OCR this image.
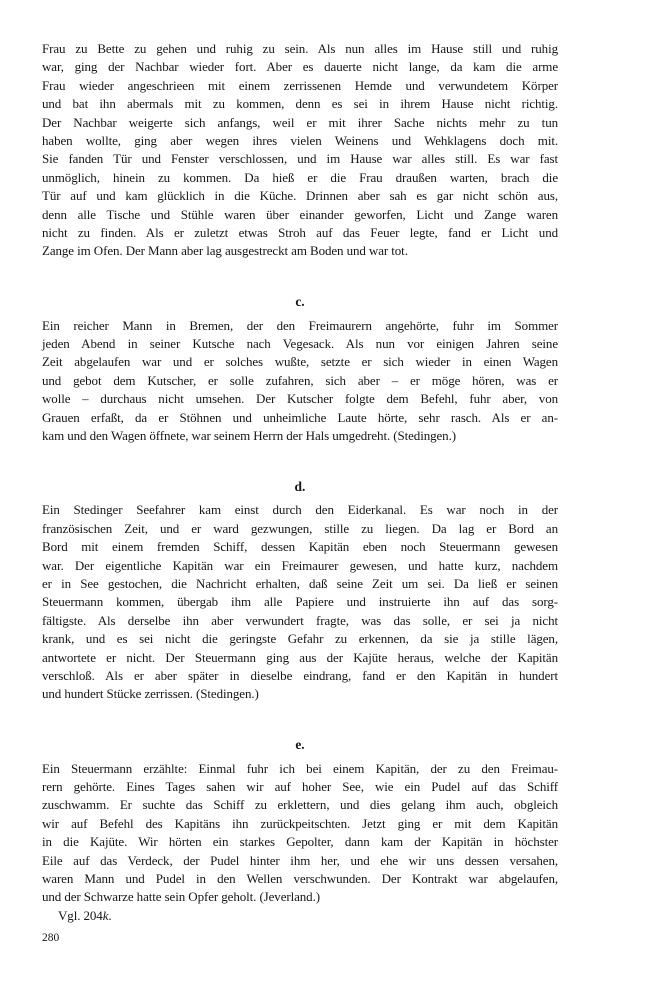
Frau zu Bette zu gehen und ruhig zu sein. Als nun alles im Hause still und ruhig
war, ging der Nachbar wieder fort. Aber es dauerte nicht lange, da kam die arme
Frau wieder angeschrieen mit einem zerrissenen Hemde und verwundetem Körper
und bat ihn abermals mit zu kommen, denn es sei in ihrem Hause nicht richtig.
Der Nachbar weigerte sich anfangs, weil er mit ihrer Sache nichts mehr zu tun
haben wollte, ging aber wegen ihres vielen Weinens und Wehklagens doch mit.
Sie fanden Tür und Fenster verschlossen, und im Hause war alles still. Es war fast
unmöglich, hinein zu kommen. Da hieß er die Frau draußen warten, brach die
Tür auf und kam glücklich in die Küche. Drinnen aber sah es gar nicht schön aus,
denn alle Tische und Stühle waren über einander geworfen, Licht und Zange waren
nicht zu finden. Als er zuletzt etwas Stroh auf das Feuer legte, fand er Licht und
Zange im Ofen. Der Mann aber lag ausgestreckt am Boden und war tot.
c.
Ein reicher Mann in Bremen, der den Freimaurern angehörte, fuhr im Sommer
jeden Abend in seiner Kutsche nach Vegesack. Als nun vor einigen Jahren seine
Zeit abgelaufen war und er solches wußte, setzte er sich wieder in einen Wagen
und gebot dem Kutscher, er solle zufahren, sich aber – er möge hören, was er
wolle – durchaus nicht umsehen. Der Kutscher folgte dem Befehl, fuhr aber, von
Grauen erfaßt, da er Stöhnen und unheimliche Laute hörte, sehr rasch. Als er an-
kam und den Wagen öffnete, war seinem Herrn der Hals umgedreht. (Stedingen.)
d.
Ein Stedinger Seefahrer kam einst durch den Eiderkanal. Es war noch in der
französischen Zeit, und er ward gezwungen, stille zu liegen. Da lag er Bord an
Bord mit einem fremden Schiff, dessen Kapitän eben noch Steuermann gewesen
war. Der eigentliche Kapitän war ein Freimaurer gewesen, und hatte kurz, nachdem
er in See gestochen, die Nachricht erhalten, daß seine Zeit um sei. Da ließ er seinen
Steuermann kommen, übergab ihm alle Papiere und instruierte ihn auf das sorg-
fältigste. Als derselbe ihn aber verwundert fragte, was das solle, er sei ja nicht
krank, und es sei nicht die geringste Gefahr zu erkennen, da sie ja stille lägen,
antwortete er nicht. Der Steuermann ging aus der Kajüte heraus, welche der Kapitän
verschloß. Als er aber später in dieselbe eindrang, fand er den Kapitän in hundert
und hundert Stücke zerrissen. (Stedingen.)
e.
Ein Steuermann erzählte: Einmal fuhr ich bei einem Kapitän, der zu den Freimau-
rern gehörte. Eines Tages sahen wir auf hoher See, wie ein Pudel auf das Schiff
zuschwamm. Er suchte das Schiff zu erklettern, und dies gelang ihm auch, obgleich
wir auf Befehl des Kapitäns ihn zurückpeitschten. Jetzt ging er mit dem Kapitän
in die Kajüte. Wir hörten ein starkes Gepolter, dann kam der Kapitän in höchster
Eile auf das Verdeck, der Pudel hinter ihm her, und ehe wir uns dessen versahen,
waren Mann und Pudel in den Wellen verschwunden. Der Kontrakt war abgelaufen,
und der Schwarze hatte sein Opfer geholt. (Jeverland.)
Vgl. 204k.
280
